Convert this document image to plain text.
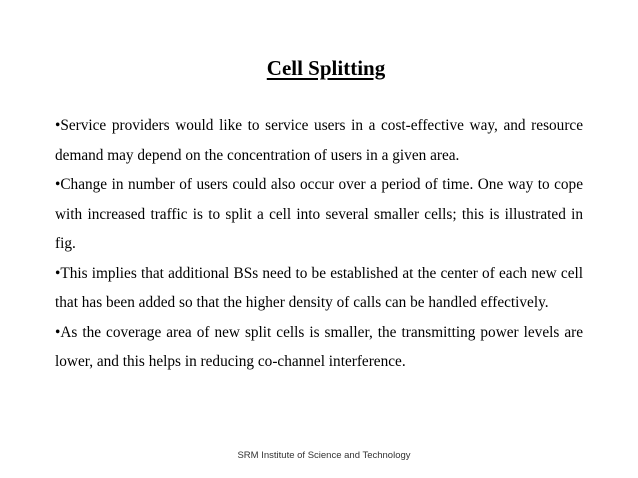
Cell Splitting

•Service providers would like to service users in a cost-effective way, and resource demand may depend on the concentration of users in a given area.

•Change in number of users could also occur over a period of time. One way to cope with increased traffic is to split a cell into several smaller cells; this is illustrated in fig.

•This implies that additional BSs need to be established at the center of each new cell that has been added so that the higher density of calls can be handled effectively.

•As the coverage area of new split cells is smaller, the transmitting power levels are lower, and this helps in reducing co-channel interference.

SRM Institute of Science and Technology
